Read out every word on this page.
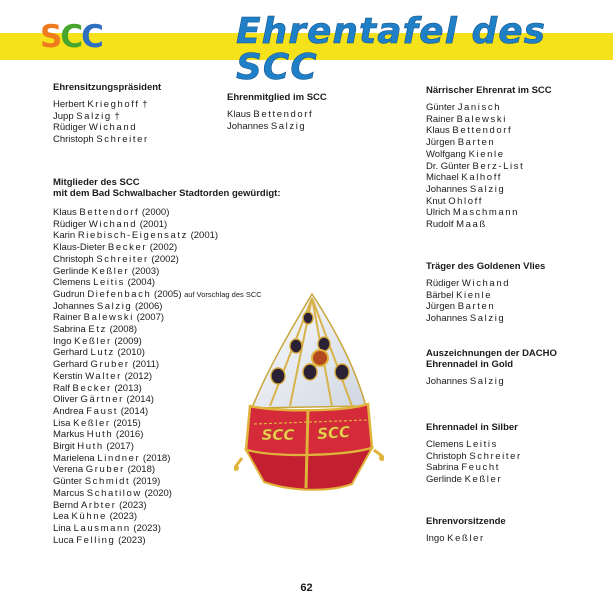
SCC	Ehrentafel des SCC

Ehrensitzungspräsident

Herbert Krieghoff †
Jupp Salzig †
Rüdiger Wichand
Christoph Schreiter

Ehrenmitglied im SCC

Klaus Bettendorf
Johannes Salzig

Mitglieder des SCC

mit dem Bad Schwalbacher Stadtorden gewürdigt:

Klaus Bettendorf (2000)
Rüdiger Wichand (2001)
Karin Riebisch-Eigensatz (2001)
Klaus-Dieter Becker (2002)
Christoph Schreiter (2002)
Gerlinde Keßler (2003)
Clemens Leitis (2004)
Gudrun Diefenbach (2005) auf Vorschlag des SCC
Johannes Salzig (2006)
Rainer Balewski (2007)
Sabrina Etz (2008)
Ingo Keßler (2009)
Gerhard Lutz (2010)
Gerhard Gruber (2011)
Kerstin Walter (2012)
Ralf Becker (2013)
Oliver Gärtner (2014)
Andrea Faust (2014)
Lisa Keßler (2015)
Markus Huth (2016)
Birgit Huth (2017)
Marielena Lindner (2018)
Verena Gruber (2018)
Günter Schmidt (2019)
Marcus Schatilow (2020)
Bernd Arbter (2023)
Lea Kühne (2023)
Lina Lausmann (2023)
Luca Felling (2023)

Närrischer Ehrenrat im SCC

Günter Janisch
Rainer Balewski
Klaus Bettendorf
Jürgen Barten
Wolfgang Kienle
Dr. Günter Berz-List
Michael Kalhoff
Johannes Salzig
Knut Ohloff
Ulrich Maschmann
Rudolf Maaß

Träger des Goldenen Vlies

Rüdiger Wichand
Bärbel Kienle
Jürgen Barten
Johannes Salzig

Auszeichnungen der DACHO

Ehrennadel in Gold

Johannes Salzig

Ehrennadel in Silber

Clemens Leitis
Christoph Schreiter
Sabrina Feucht
Gerlinde Keßler

Ehrenvorsitzende

Ingo Keßler
SCC SCC
62
